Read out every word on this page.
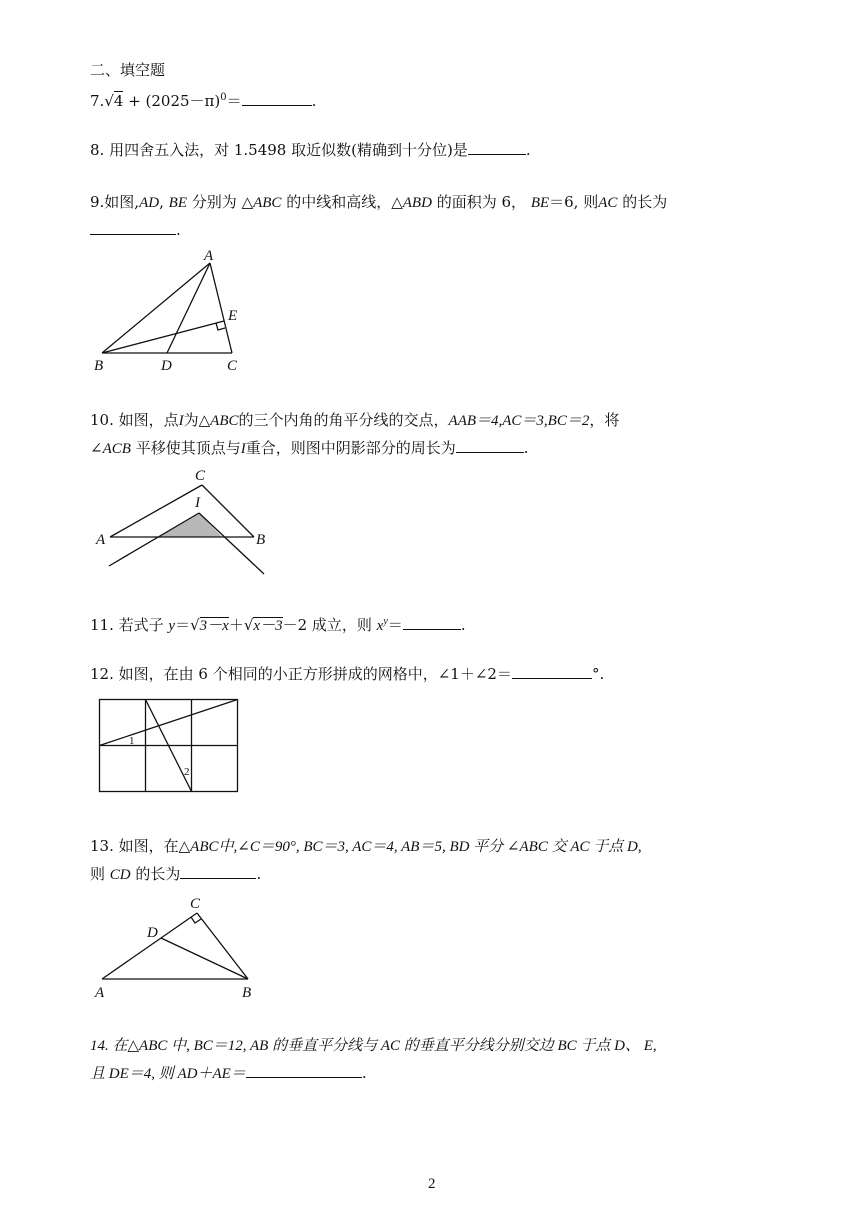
二、填空题
$7.√4 + (2025-\pi)^0=$	.
8. 用四舍五入法，对 1.5498 取近似数(精确到十分位)是	.
9.如图,AD, BE 分别为 △ABC 的中线和高线，△ABD 的面积为 6， BE＝6, 则AC 的长为
.
A
E
B	D	C
10. 如图，点I为△ABC的三个内角的角平分线的交点，AAB＝4,AC＝3,BC＝2，将
∠ACB 平移使其顶点与I重合，则图中阴影部分的周长为	.
C
I
A	B
11. 若式子 y＝√3－x＋√x－3－2 成立，则 $x^y=$	.
12. 如图，在由 6 个相同的小正方形拼成的网格中，∠1＋∠2＝	°.
1
2
13. 如图，在△ABC中,∠C＝90°, BC＝3, AC＝4, AB＝5, BD 平分 ∠ABC 交 AC 于点 D,
则 CD 的长为	.
C
D
A	B
14. 在△ABC 中, BC＝12, AB 的垂直平分线与 AC 的垂直平分线分别交边 BC 于点 D、 E,
且 DE＝4, 则 AD＋AE＝	.
2
